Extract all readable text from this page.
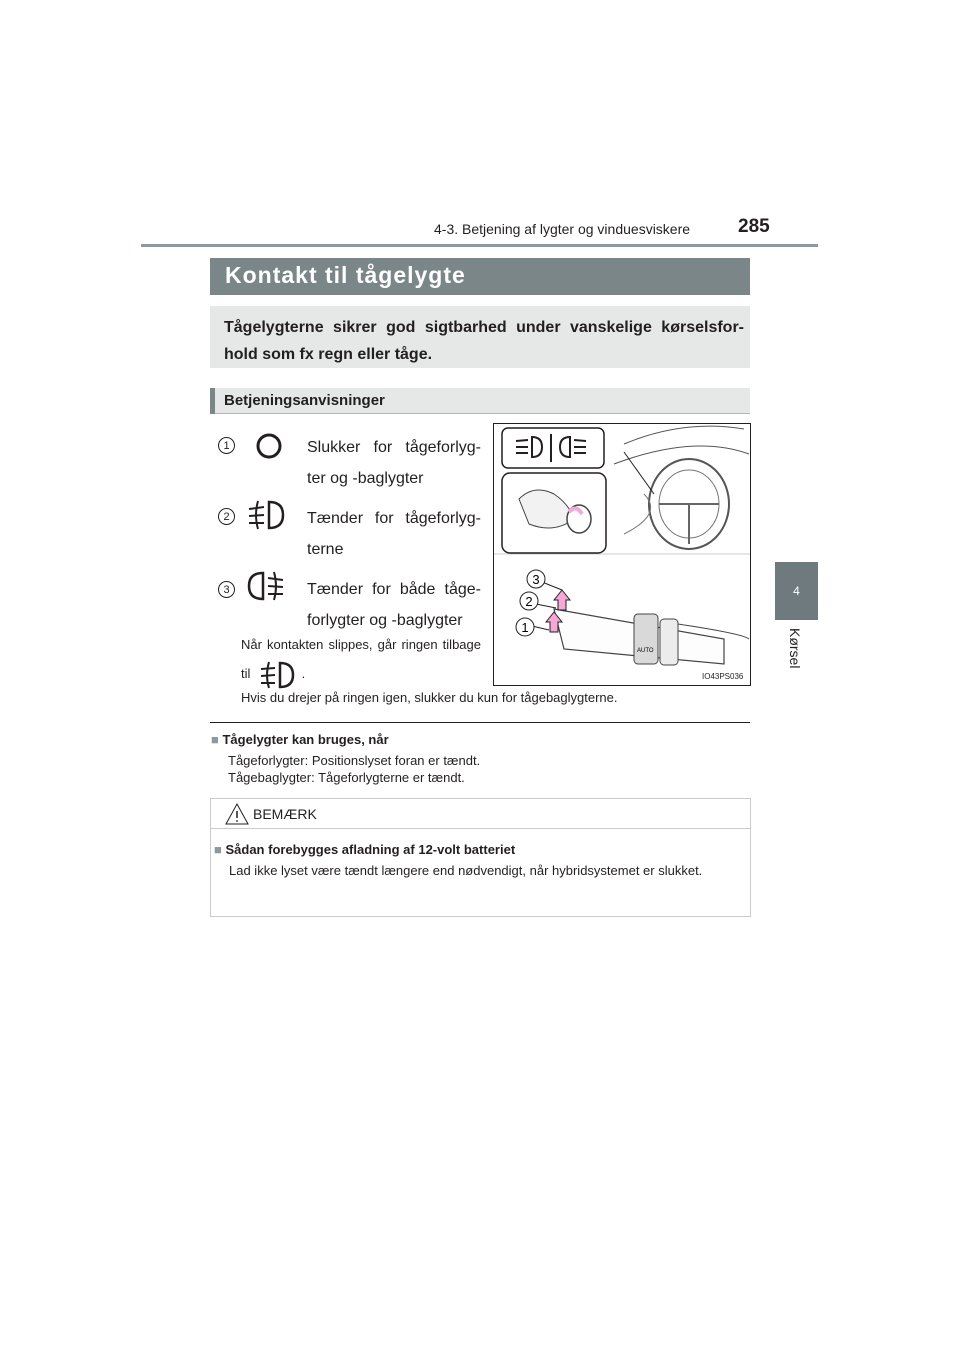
4-3. Betjening af lygter og vinduesviskere	285
4
Kørsel
Kontakt til tågelygte
Tågelygterne sikrer god sigtbarhed under vanskelige kørselsfor-hold som fx regn eller tåge.
Betjeningsanvisninger
1	Slukker for tågeforlyg-ter og -baglygter
2	Tænder for tågeforlyg-terne
3	Tænder for både tåge-forlygter og -baglygter
Når kontakten slippes, går ringen tilbage til	.
Hvis du drejer på ringen igen, slukker du kun for tågebaglygterne.
1
2
3
AUTO
IO43PS036
■ Tågelygter kan bruges, når
Tågeforlygter: Positionslyset foran er tændt.
Tågebaglygter: Tågeforlygterne er tændt.
BEMÆRK
■ Sådan forebygges afladning af 12-volt batteriet
Lad ikke lyset være tændt længere end nødvendigt, når hybridsystemet er slukket.
